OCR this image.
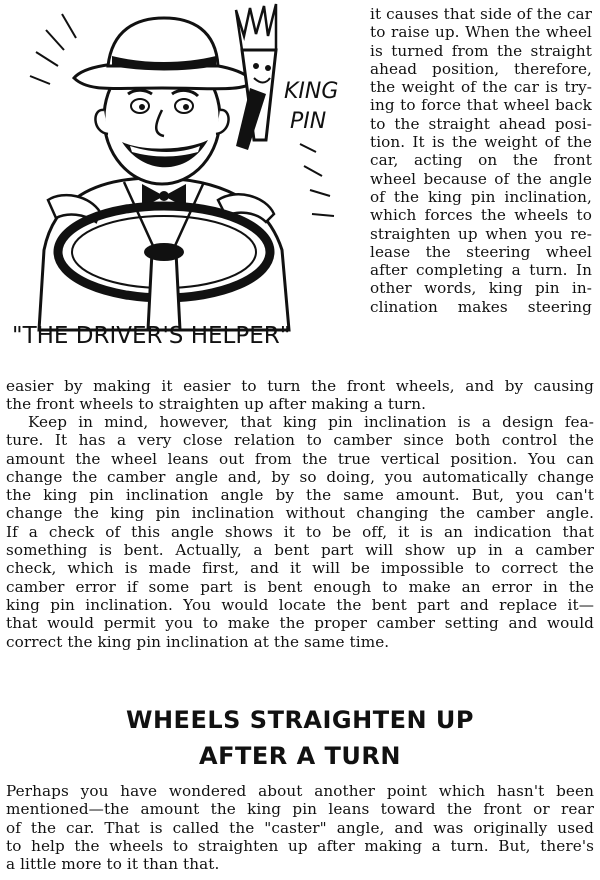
KING
PIN
"THE DRIVER'S HELPER"
it causes that side of the car
to raise up. When the wheel
is turned from the straight
ahead position, therefore,
the weight of the car is try-
ing to force that wheel back
to the straight ahead posi-
tion. It is the weight of the
car, acting on the front
wheel because of the angle
of the king pin inclination,
which forces the wheels to
straighten up when you re-
lease the steering wheel
after completing a turn. In
other words, king pin in-
clination makes steering
easier by making it easier to turn the front wheels, and by causing
the front wheels to straighten up after making a turn.
Keep in mind, however, that king pin inclination is a design fea-
ture. It has a very close relation to camber since both control the
amount the wheel leans out from the true vertical position. You can
change the camber angle and, by so doing, you automatically change
the king pin inclination angle by the same amount. But, you can't
change the king pin inclination without changing the camber angle.
If a check of this angle shows it to be off, it is an indication that
something is bent. Actually, a bent part will show up in a camber
check, which is made first, and it will be impossible to correct the
camber error if some part is bent enough to make an error in the
king pin inclination. You would locate the bent part and replace it—
that would permit you to make the proper camber setting and would
correct the king pin inclination at the same time.
WHEELS STRAIGHTEN UP
AFTER A TURN
Perhaps you have wondered about another point which hasn't been
mentioned—the amount the king pin leans toward the front or rear
of the car. That is called the "caster" angle, and was originally used
to help the wheels to straighten up after making a turn. But, there's
a little more to it than that.
